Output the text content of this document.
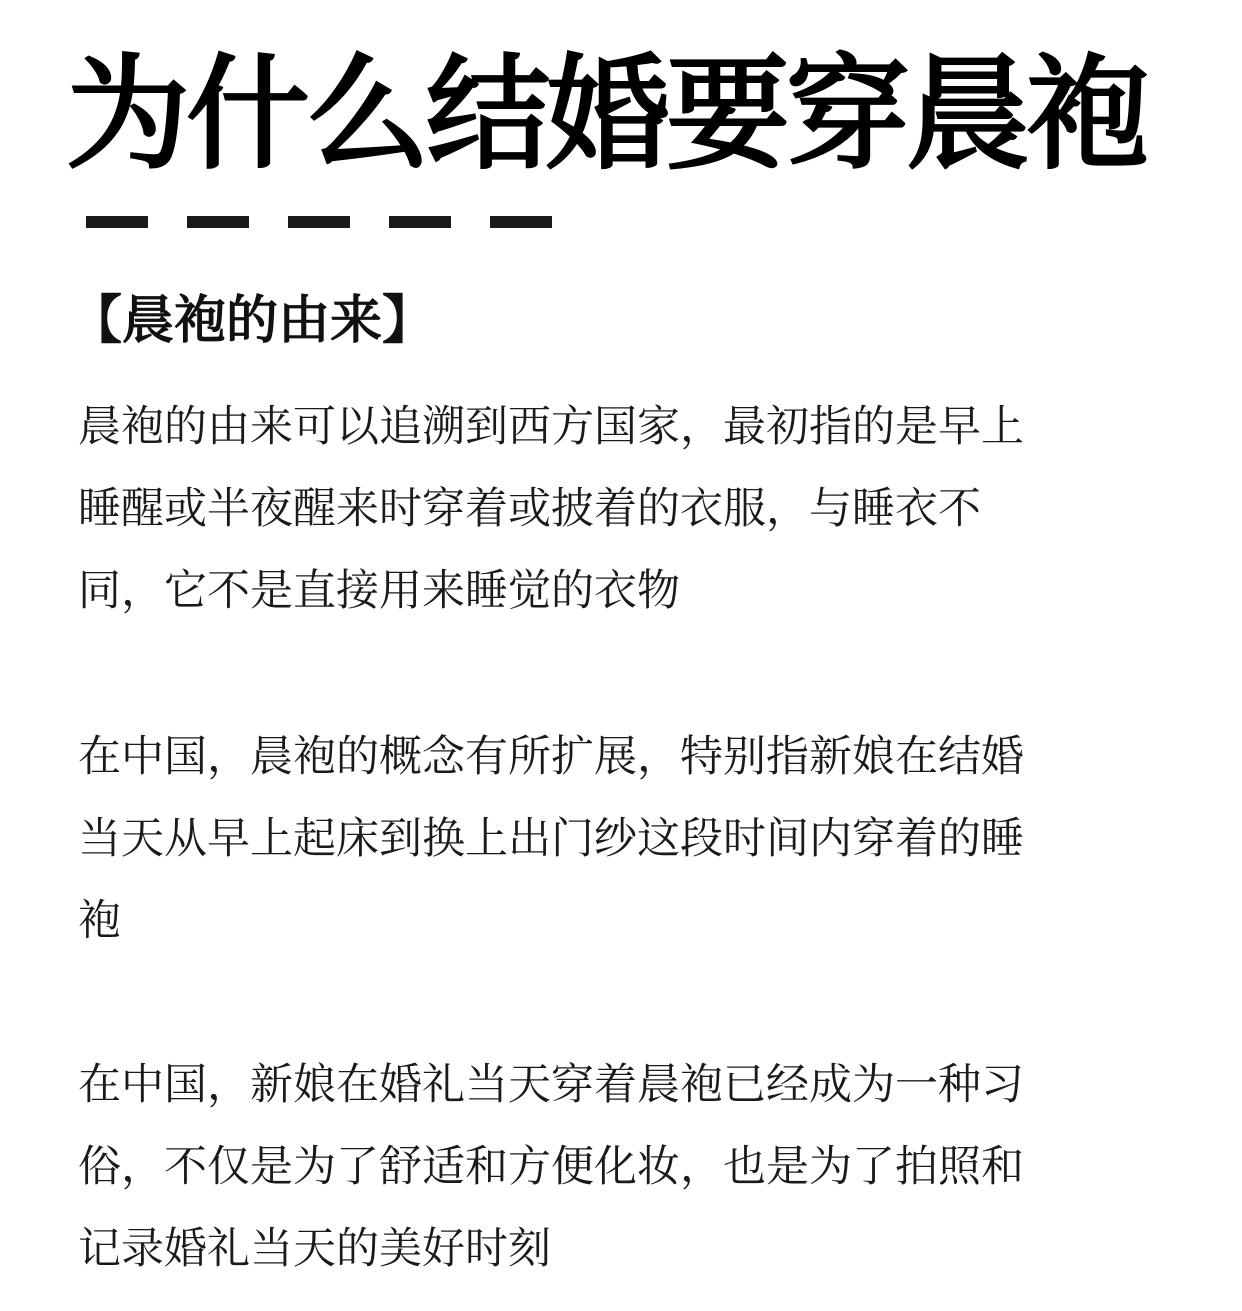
为什么结婚要穿晨袍
【晨袍的由来】

晨袍的由来可以追溯到西方国家，最初指的是早上
睡醒或半夜醒来时穿着或披着的衣服，与睡衣不
同，它不是直接用来睡觉的衣物

在中国，晨袍的概念有所扩展，特别指新娘在结婚
当天从早上起床到换上出门纱这段时间内穿着的睡
袍

在中国，新娘在婚礼当天穿着晨袍已经成为一种习
俗，不仅是为了舒适和方便化妆，也是为了拍照和
记录婚礼当天的美好时刻
